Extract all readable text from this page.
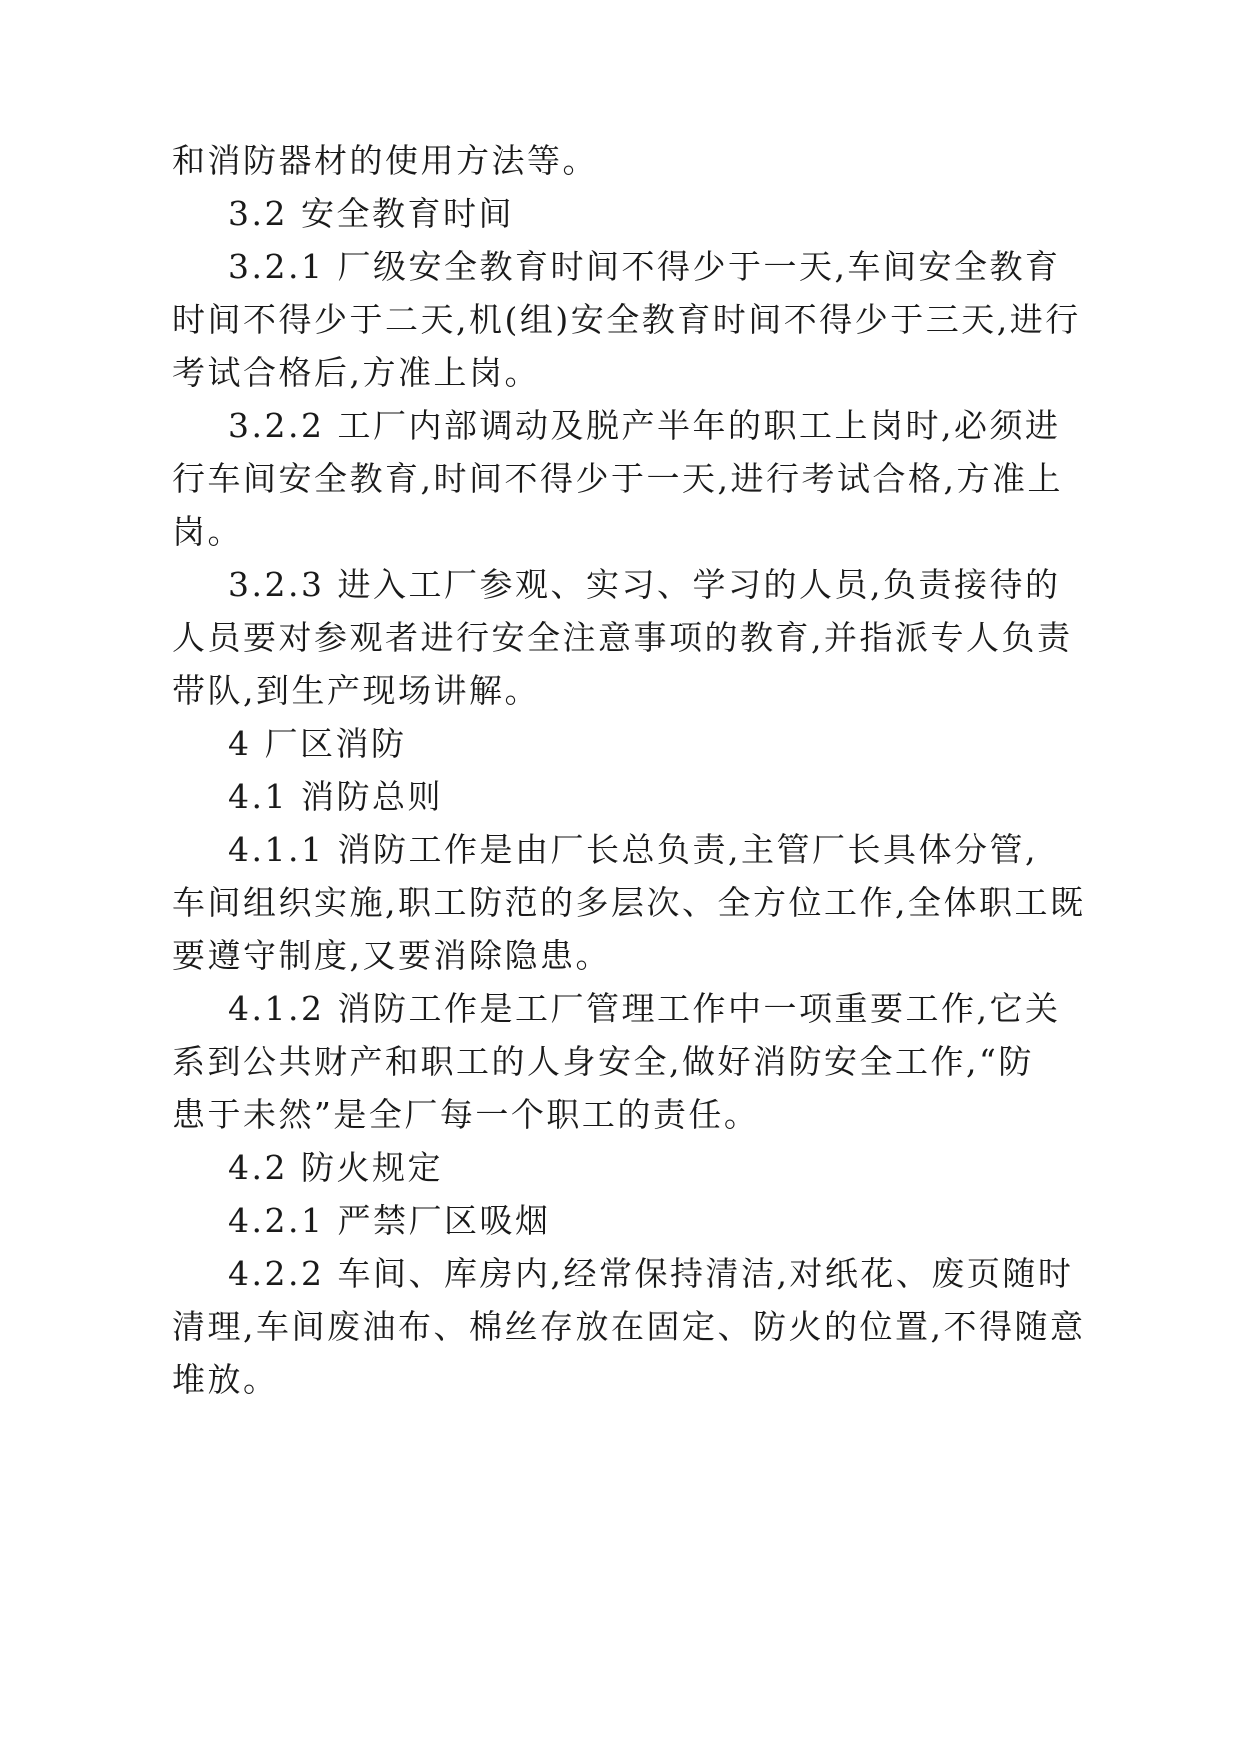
和消防器材的使用方法等。
3.2 安全教育时间
3.2.1 厂级安全教育时间不得少于一天,车间安全教育
时间不得少于二天,机(组)安全教育时间不得少于三天,进行
考试合格后,方准上岗。
3.2.2 工厂内部调动及脱产半年的职工上岗时,必须进
行车间安全教育,时间不得少于一天,进行考试合格,方准上
岗。
3.2.3 进入工厂参观、实习、学习的人员,负责接待的
人员要对参观者进行安全注意事项的教育,并指派专人负责
带队,到生产现场讲解。
4 厂区消防
4.1 消防总则
4.1.1 消防工作是由厂长总负责,主管厂长具体分管,
车间组织实施,职工防范的多层次、全方位工作,全体职工既
要遵守制度,又要消除隐患。
4.1.2 消防工作是工厂管理工作中一项重要工作,它关
系到公共财产和职工的人身安全,做好消防安全工作,“防
患于未然”是全厂每一个职工的责任。
4.2 防火规定
4.2.1 严禁厂区吸烟
4.2.2 车间、库房内,经常保持清洁,对纸花、废页随时
清理,车间废油布、棉丝存放在固定、防火的位置,不得随意
堆放。
